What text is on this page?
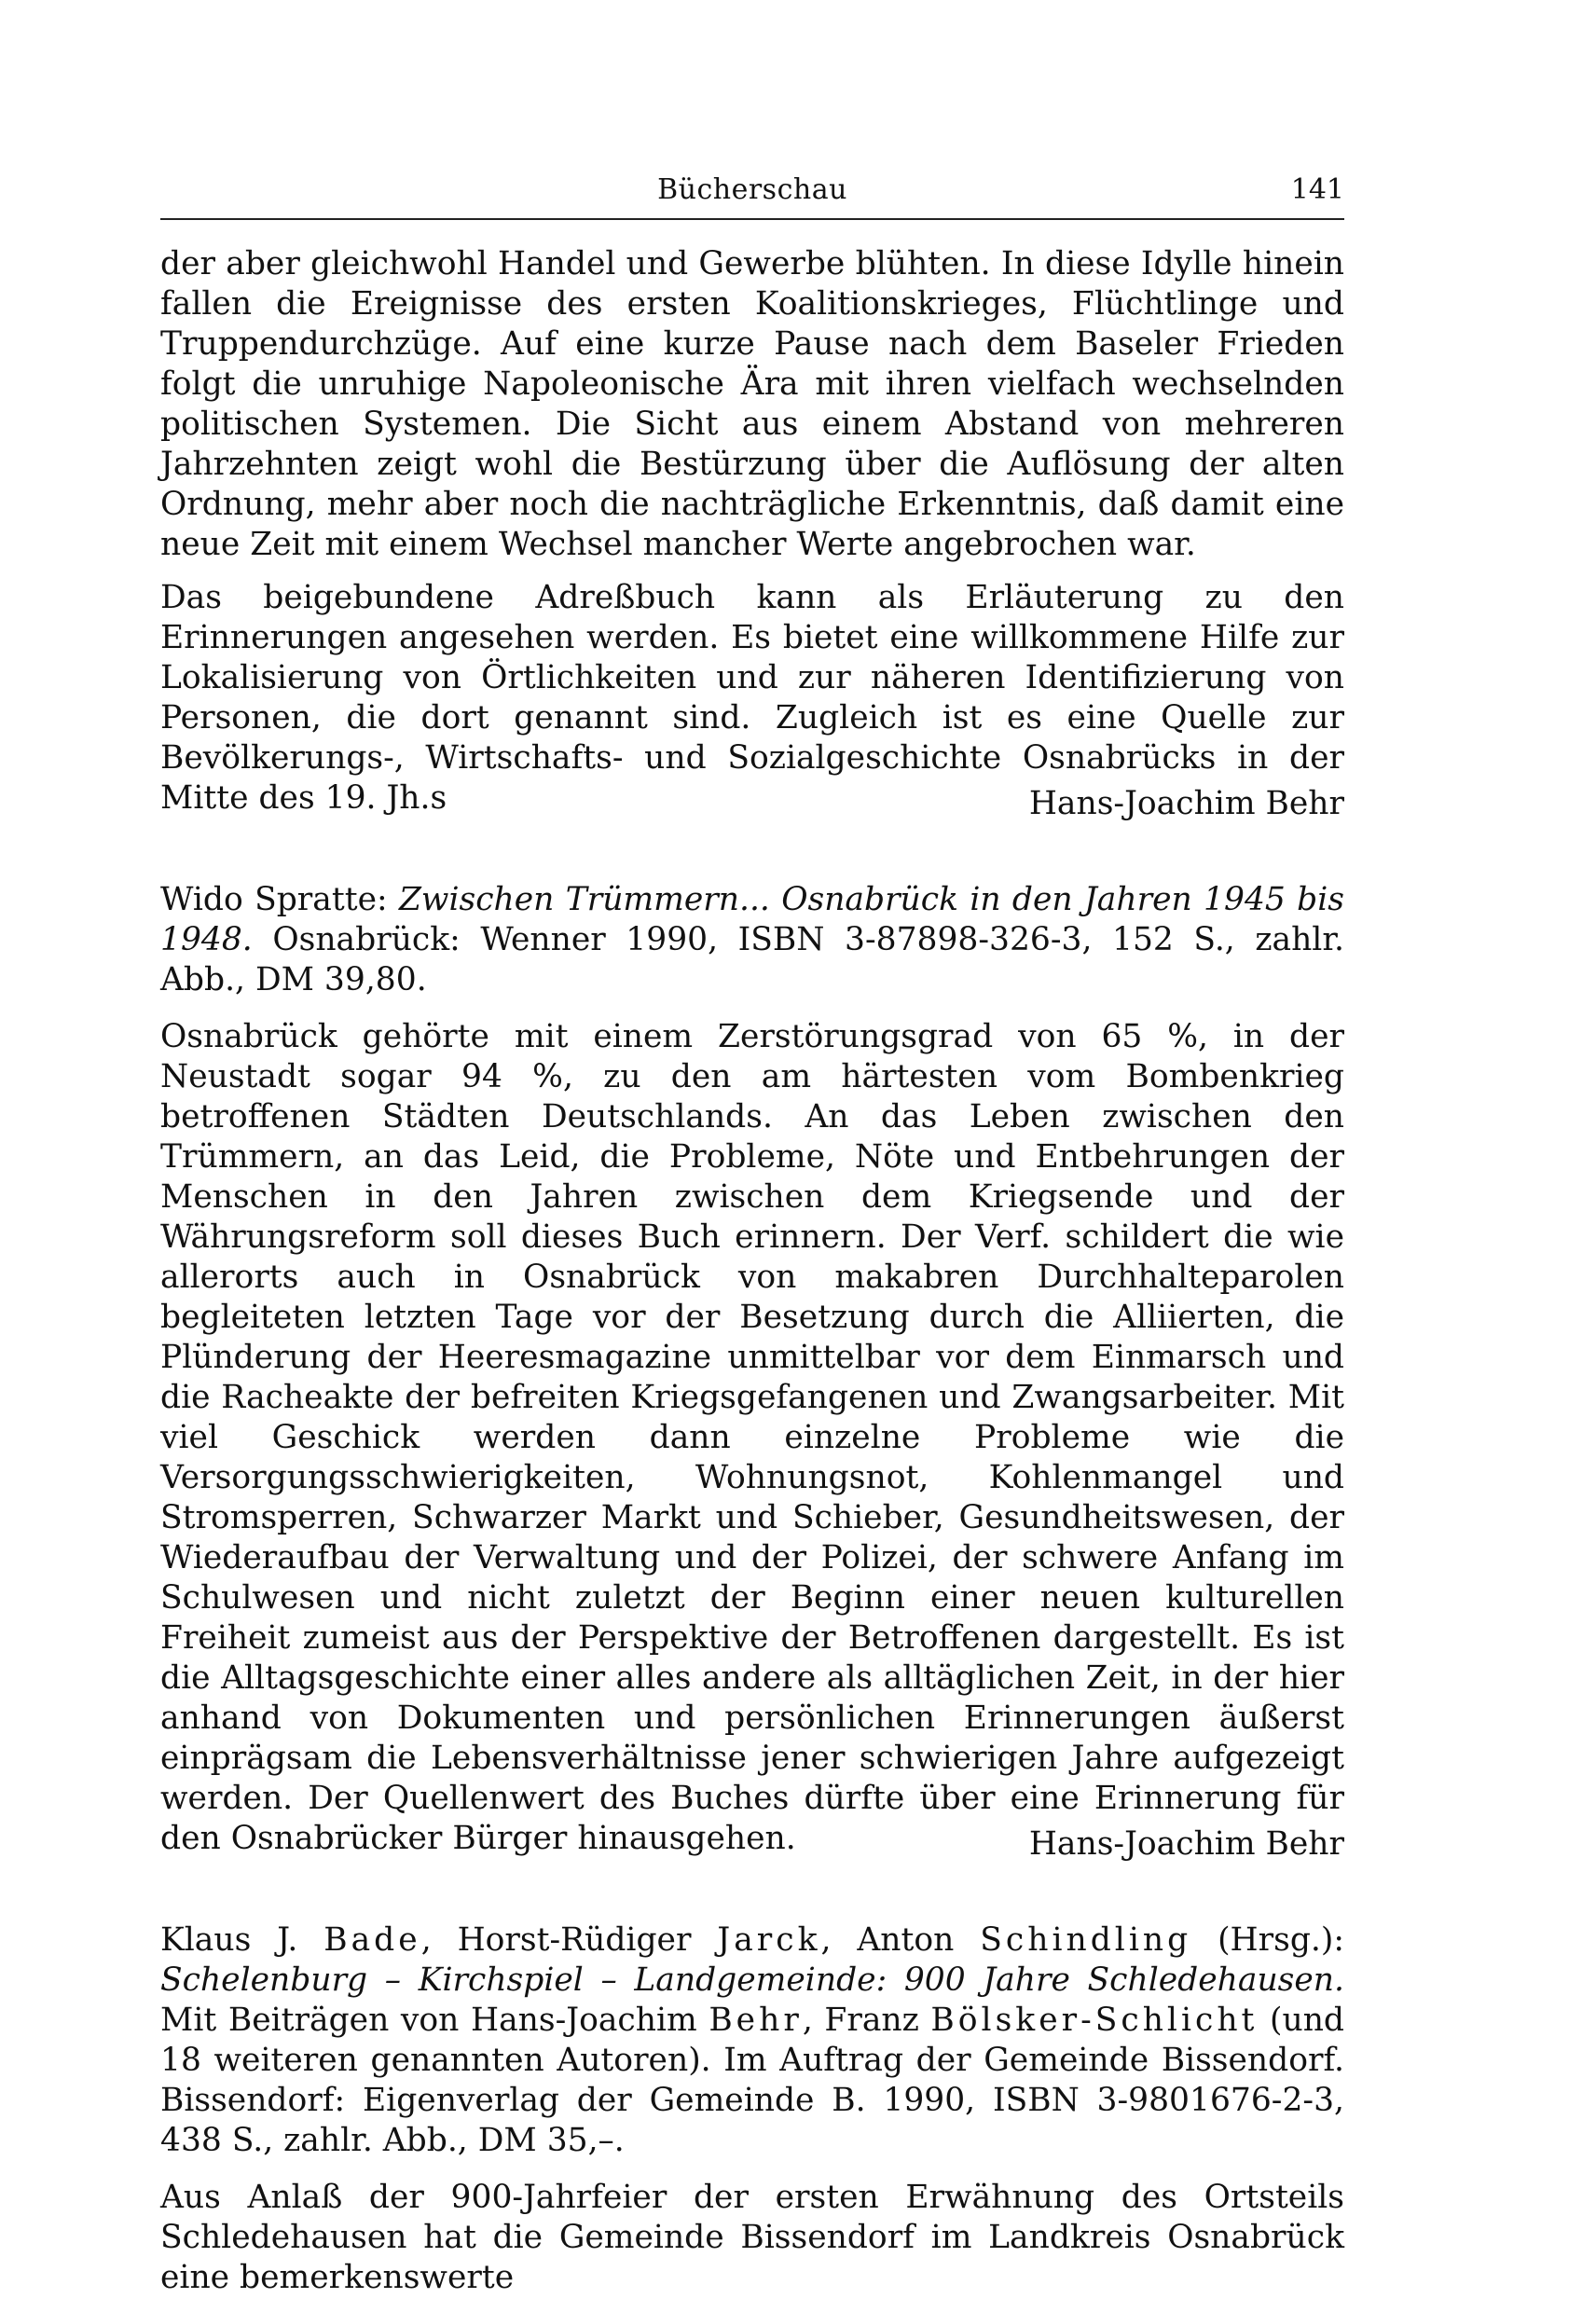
Bücherschau	141

der aber gleichwohl Handel und Gewerbe blühten. In diese Idylle hinein fallen die Ereignisse des ersten Koalitionskrieges, Flüchtlinge und Truppendurchzüge. Auf eine kurze Pause nach dem Baseler Frieden folgt die unruhige Napoleonische Ära mit ihren vielfach wechselnden politischen Systemen. Die Sicht aus einem Abstand von mehreren Jahrzehnten zeigt wohl die Bestürzung über die Auflösung der alten Ordnung, mehr aber noch die nachträgliche Erkenntnis, daß damit eine neue Zeit mit einem Wechsel mancher Werte angebrochen war.

Das beigebundene Adreßbuch kann als Erläuterung zu den Erinnerungen angesehen werden. Es bietet eine willkommene Hilfe zur Lokalisierung von Örtlichkeiten und zur näheren Identifizierung von Personen, die dort genannt sind. Zugleich ist es eine Quelle zur Bevölkerungs-, Wirtschafts- und Sozialgeschichte Osnabrücks in der Mitte des 19. Jh.s	Hans-Joachim Behr

Wido Spratte: Zwischen Trümmern... Osnabrück in den Jahren 1945 bis 1948. Osnabrück: Wenner 1990, ISBN 3-87898-326-3, 152 S., zahlr. Abb., DM 39,80.

Osnabrück gehörte mit einem Zerstörungsgrad von 65 %, in der Neustadt sogar 94 %, zu den am härtesten vom Bombenkrieg betroffenen Städten Deutschlands. An das Leben zwischen den Trümmern, an das Leid, die Probleme, Nöte und Entbehrungen der Menschen in den Jahren zwischen dem Kriegsende und der Währungsreform soll dieses Buch erinnern. Der Verf. schildert die wie allerorts auch in Osnabrück von makabren Durchhalteparolen begleiteten letzten Tage vor der Besetzung durch die Alliierten, die Plünderung der Heeresmagazine unmittelbar vor dem Einmarsch und die Racheakte der befreiten Kriegsgefangenen und Zwangsarbeiter. Mit viel Geschick werden dann einzelne Probleme wie die Versorgungsschwierigkeiten, Wohnungsnot, Kohlenmangel und Stromsperren, Schwarzer Markt und Schieber, Gesundheitswesen, der Wiederaufbau der Verwaltung und der Polizei, der schwere Anfang im Schulwesen und nicht zuletzt der Beginn einer neuen kulturellen Freiheit zumeist aus der Perspektive der Betroffenen dargestellt. Es ist die Alltagsgeschichte einer alles andere als alltäglichen Zeit, in der hier anhand von Dokumenten und persönlichen Erinnerungen äußerst einprägsam die Lebensverhältnisse jener schwierigen Jahre aufgezeigt werden. Der Quellenwert des Buches dürfte über eine Erinnerung für den Osnabrücker Bürger hinausgehen.	Hans-Joachim Behr

Klaus J. Bade, Horst-Rüdiger Jarck, Anton Schindling (Hrsg.): Schelenburg – Kirchspiel – Landgemeinde: 900 Jahre Schledehausen. Mit Beiträgen von Hans-Joachim Behr, Franz Bölsker-Schlicht (und 18 weiteren genannten Autoren). Im Auftrag der Gemeinde Bissendorf. Bissendorf: Eigenverlag der Gemeinde B. 1990, ISBN 3-9801676-2-3, 438 S., zahlr. Abb., DM 35,–.

Aus Anlaß der 900-Jahrfeier der ersten Erwähnung des Ortsteils Schledehausen hat die Gemeinde Bissendorf im Landkreis Osnabrück eine bemerkenswerte
